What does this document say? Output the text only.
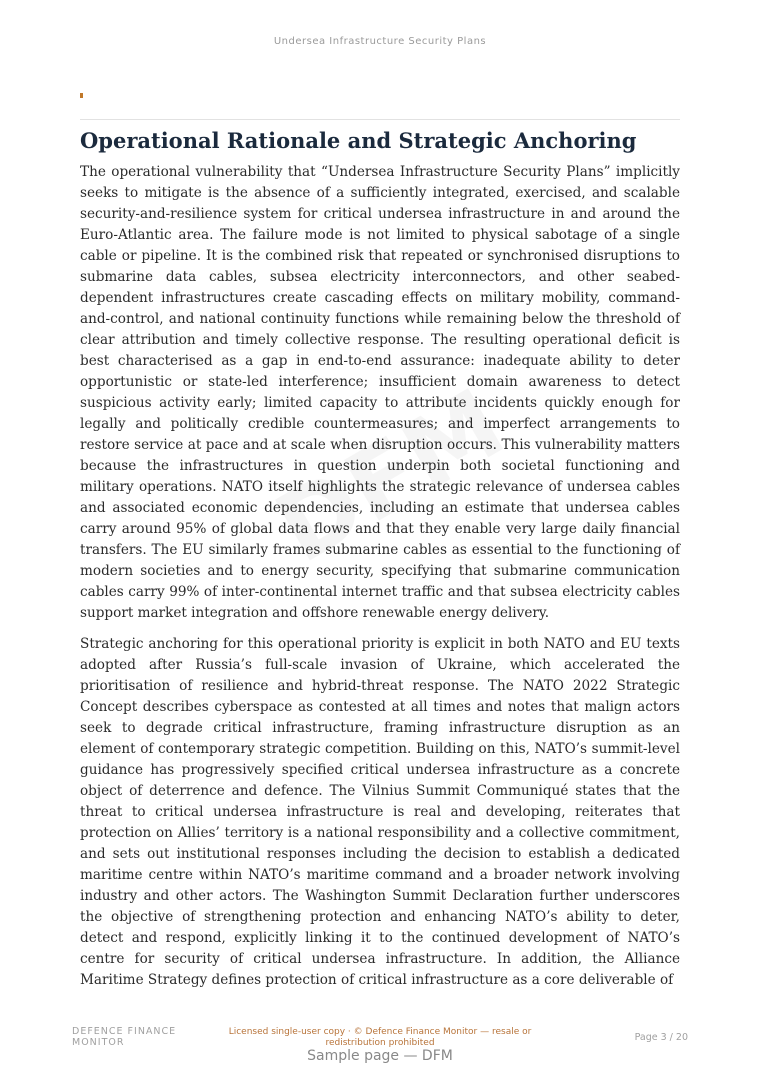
Undersea Infrastructure Security Plans
Operational Rationale and Strategic Anchoring

The operational vulnerability that “Undersea Infrastructure Security Plans” implicitly seeks to mitigate is the absence of a sufficiently integrated, exercised, and scalable security-and-resilience system for critical undersea infrastructure in and around the Euro-Atlantic area. The failure mode is not limited to physical sabotage of a single cable or pipeline. It is the combined risk that repeated or synchronised disruptions to submarine data cables, subsea electricity interconnectors, and other seabed-dependent infrastructures create cascading effects on military mobility, command-and-control, and national continuity functions while remaining below the threshold of clear attribution and timely collective response. The resulting operational deficit is best characterised as a gap in end-to-end assurance: inadequate ability to deter opportunistic or state-led interference; insufficient domain awareness to detect suspicious activity early; limited capacity to attribute incidents quickly enough for legally and politically credible countermeasures; and imperfect arrangements to restore service at pace and at scale when disruption occurs. This vulnerability matters because the infrastructures in question underpin both societal functioning and military operations. NATO itself highlights the strategic relevance of undersea cables and associated economic dependencies, including an estimate that undersea cables carry around 95% of global data flows and that they enable very large daily financial transfers. The EU similarly frames submarine cables as essential to the functioning of modern societies and to energy security, specifying that submarine communication cables carry 99% of inter-continental internet traffic and that subsea electricity cables support market integration and offshore renewable energy delivery.

Strategic anchoring for this operational priority is explicit in both NATO and EU texts adopted after Russia’s full-scale invasion of Ukraine, which accelerated the prioritisation of resilience and hybrid-threat response. The NATO 2022 Strategic Concept describes cyberspace as contested at all times and notes that malign actors seek to degrade critical infrastructure, framing infrastructure disruption as an element of contemporary strategic competition. Building on this, NATO’s summit-level guidance has progressively specified critical undersea infrastructure as a concrete object of deterrence and defence. The Vilnius Summit Communiqué states that the threat to critical undersea infrastructure is real and developing, reiterates that protection on Allies’ territory is a national responsibility and a collective commitment, and sets out institutional responses including the decision to establish a dedicated maritime centre within NATO’s maritime command and a broader network involving industry and other actors. The Washington Summit Declaration further underscores the objective of strengthening protection and enhancing NATO’s ability to deter, detect and respond, explicitly linking it to the continued development of NATO’s centre for security of critical undersea infrastructure. In addition, the Alliance Maritime Strategy defines protection of critical infrastructure as a core deliverable of

DEFENCE FINANCE MONITOR
Licensed single-user copy · © Defence Finance Monitor — resale or redistribution prohibited	Page 3 / 20
Sample page — DFM
